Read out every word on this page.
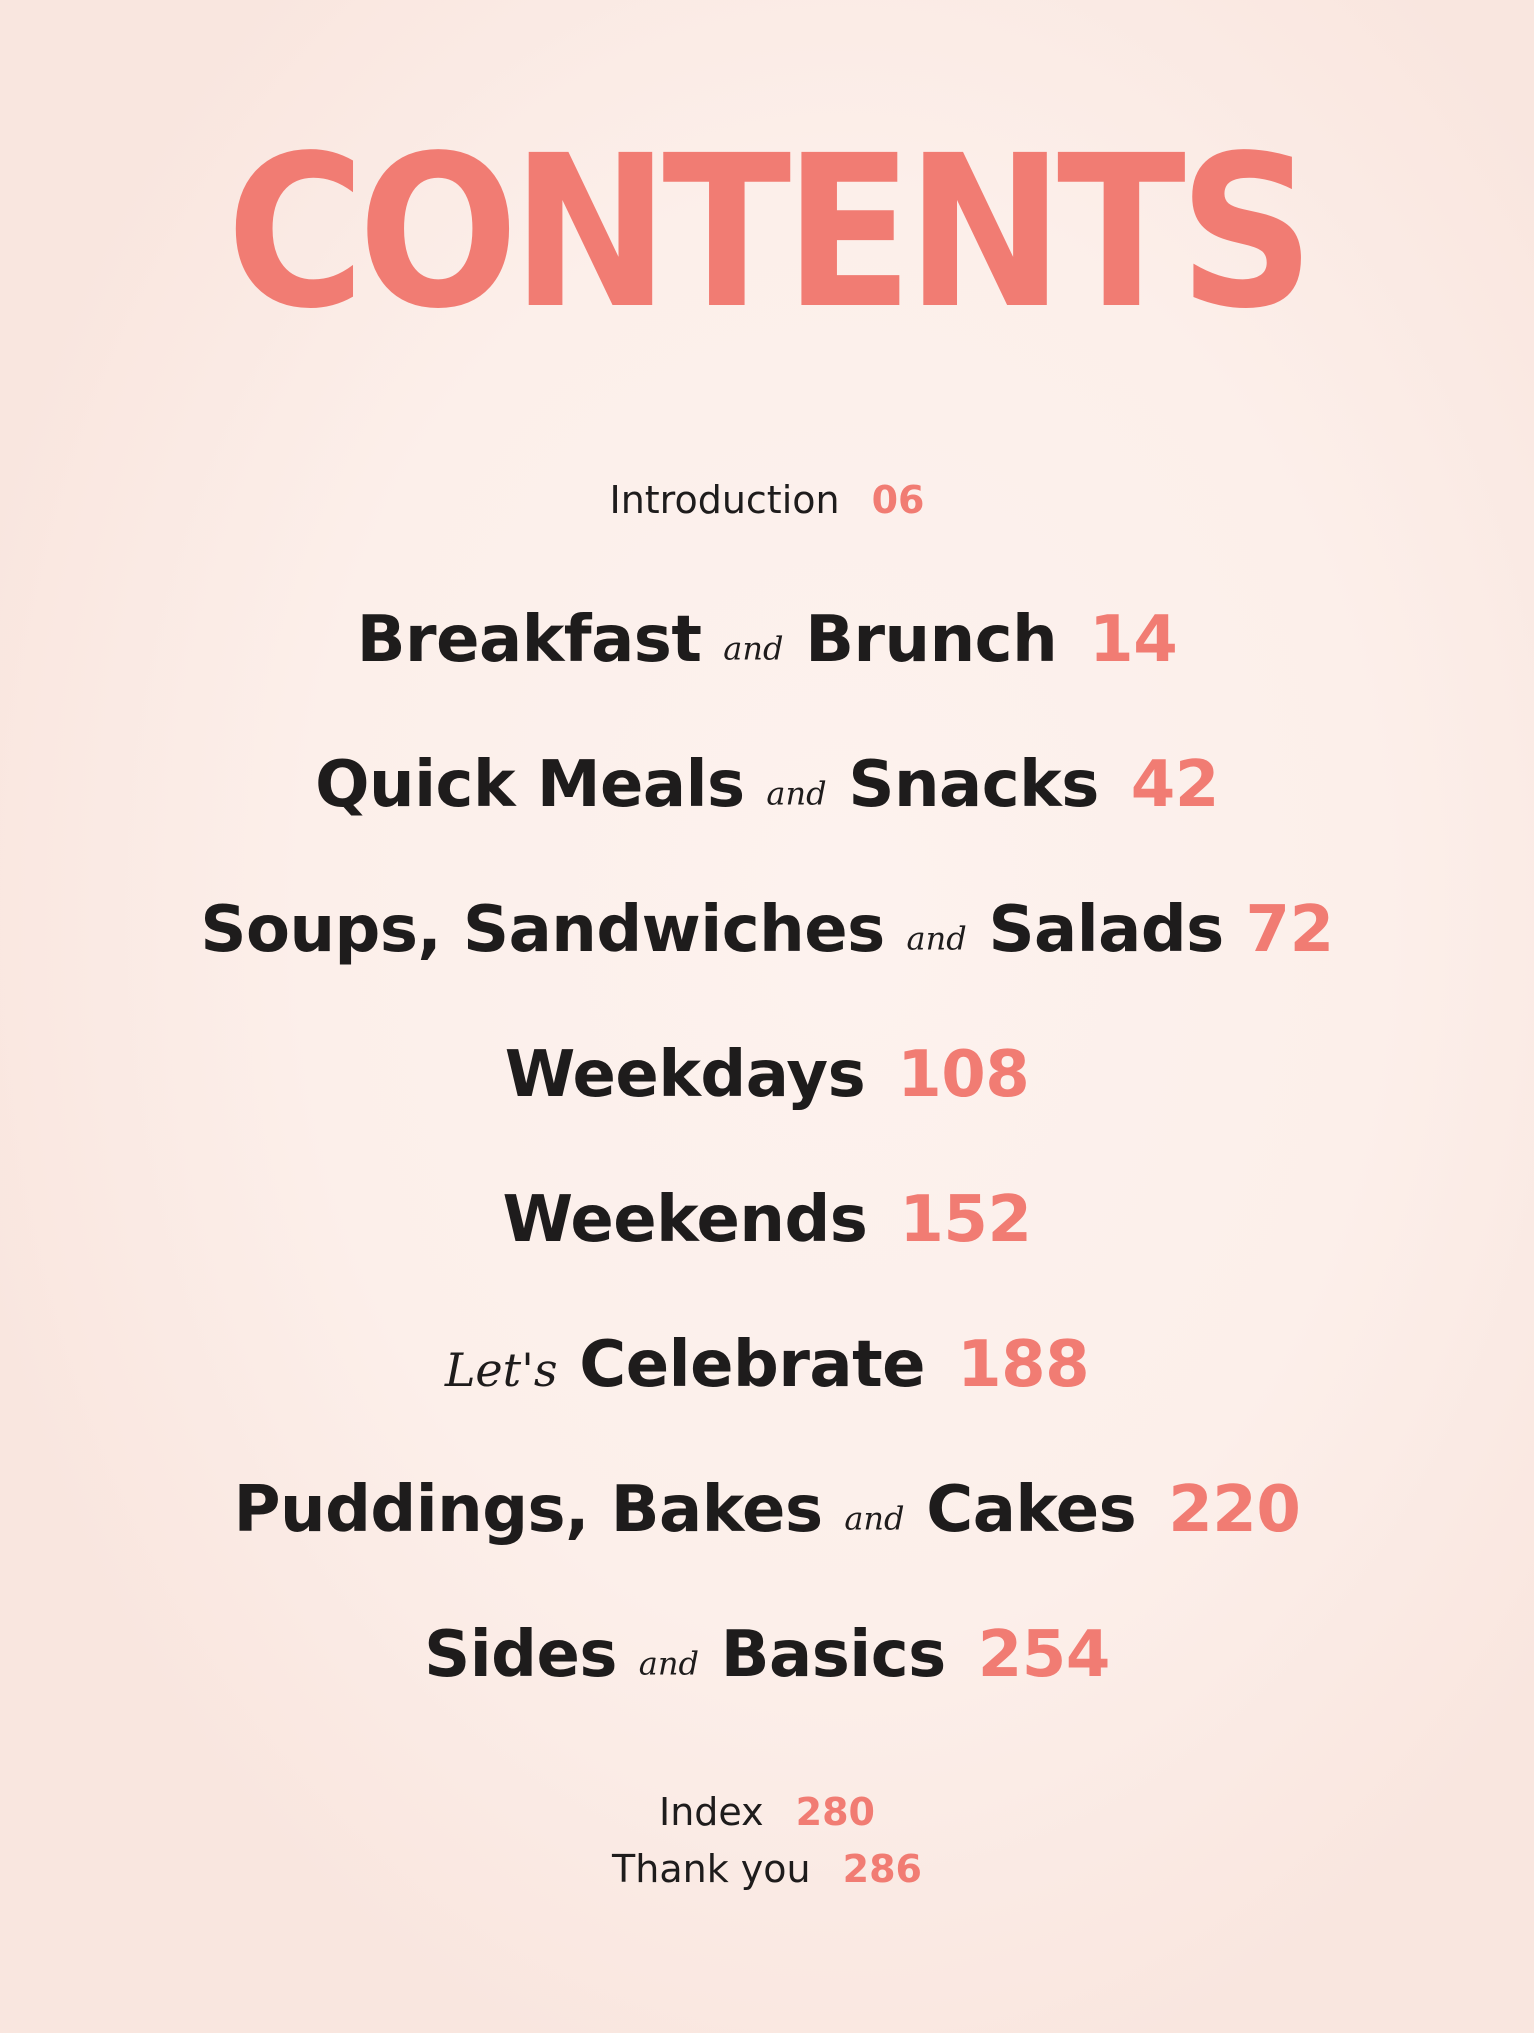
CONTENTS
Introduction 06
Breakfast and Brunch 14
Quick Meals and Snacks 42
Soups, Sandwiches and Salads 72
Weekdays 108
Weekends 152
Let's Celebrate 188
Puddings, Bakes and Cakes 220
Sides and Basics 254
Index 280
Thank you 286
